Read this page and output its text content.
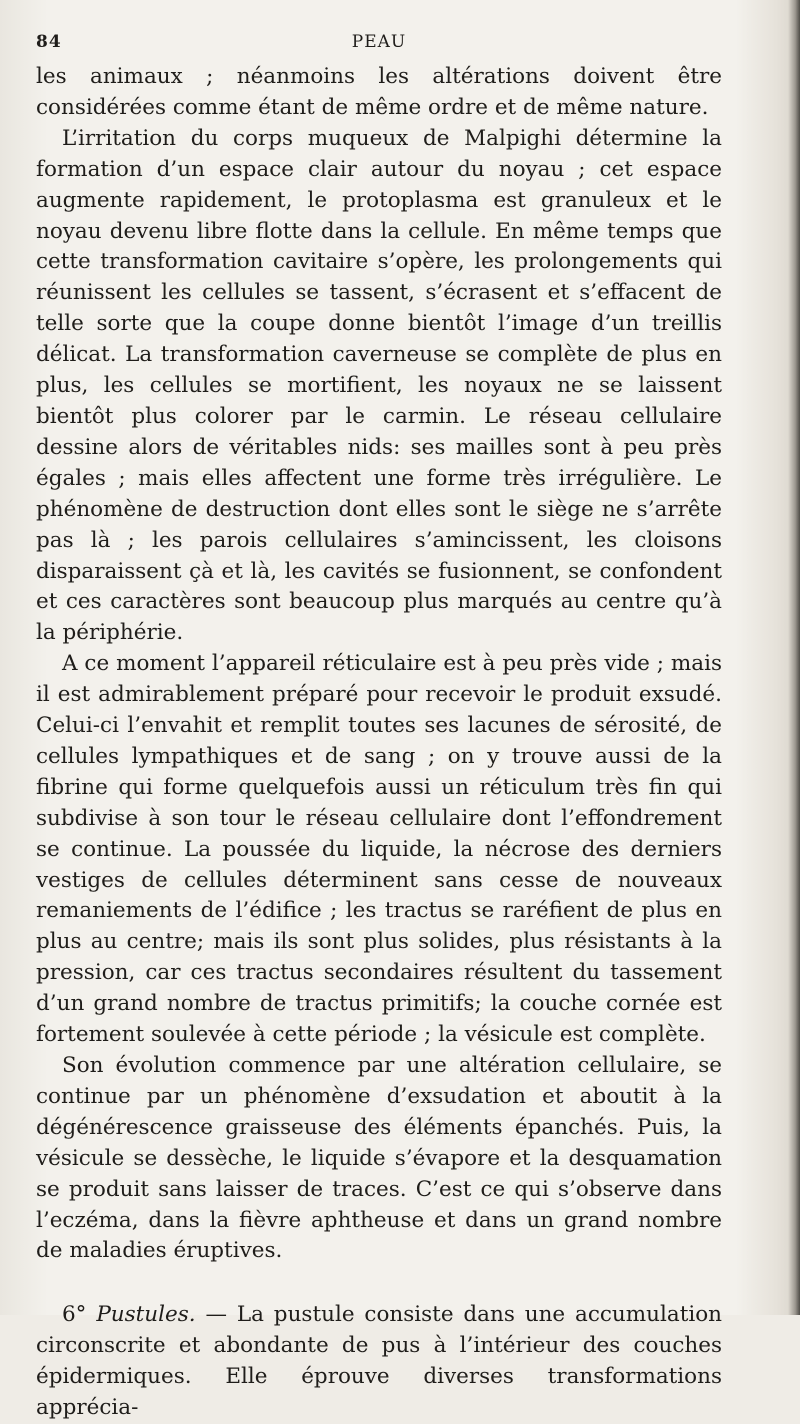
84	PEAU

les animaux ; néanmoins les altérations doivent être considérées comme étant de même ordre et de même nature.

L’irritation du corps muqueux de Malpighi détermine la formation d’un espace clair autour du noyau ; cet espace augmente rapidement, le protoplasma est granuleux et le noyau devenu libre flotte dans la cellule. En même temps que cette transformation cavitaire s’opère, les prolongements qui réunissent les cellules se tassent, s’écrasent et s’effacent de telle sorte que la coupe donne bientôt l’image d’un treillis délicat. La transformation caverneuse se complète de plus en plus, les cellules se mortifient, les noyaux ne se laissent bientôt plus colorer par le carmin. Le réseau cellulaire dessine alors de véritables nids: ses mailles sont à peu près égales ; mais elles affectent une forme très irrégulière. Le phénomène de destruction dont elles sont le siège ne s’arrête pas là ; les parois cellulaires s’amincissent, les cloisons disparaissent çà et là, les cavités se fusionnent, se confondent et ces caractères sont beaucoup plus marqués au centre qu’à la périphérie.

A ce moment l’appareil réticulaire est à peu près vide ; mais il est admirablement préparé pour recevoir le produit exsudé. Celui-ci l’envahit et remplit toutes ses lacunes de sérosité, de cellules lympathiques et de sang ; on y trouve aussi de la fibrine qui forme quelquefois aussi un réticulum très fin qui subdivise à son tour le réseau cellulaire dont l’effondrement se continue. La poussée du liquide, la nécrose des derniers vestiges de cellules déterminent sans cesse de nouveaux remaniements de l’édifice ; les tractus se raréfient de plus en plus au centre; mais ils sont plus solides, plus résistants à la pression, car ces tractus secondaires résultent du tassement d’un grand nombre de tractus primitifs; la couche cornée est fortement soulevée à cette période ; la vésicule est complète.

Son évolution commence par une altération cellulaire, se continue par un phénomène d’exsudation et aboutit à la dégénérescence graisseuse des éléments épanchés. Puis, la vésicule se dessèche, le liquide s’évapore et la desquamation se produit sans laisser de traces. C’est ce qui s’observe dans l’eczéma, dans la fièvre aphtheuse et dans un grand nombre de maladies éruptives.

6° Pustules. — La pustule consiste dans une accumulation circonscrite et abondante de pus à l’intérieur des couches épidermiques. Elle éprouve diverses transformations apprécia-
